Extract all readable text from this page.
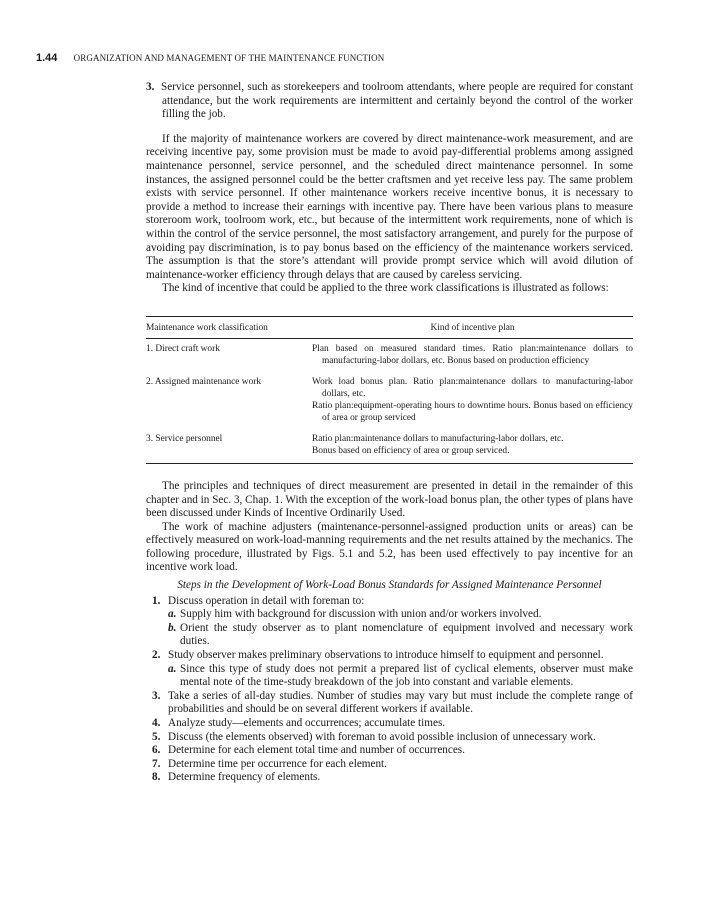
1.44 ORGANIZATION AND MANAGEMENT OF THE MAINTENANCE FUNCTION

3. Service personnel, such as storekeepers and toolroom attendants, where people are required for constant attendance, but the work requirements are intermittent and certainly beyond the control of the worker filling the job.

If the majority of maintenance workers are covered by direct maintenance-work measurement, and are receiving incentive pay, some provision must be made to avoid pay-differential problems among assigned maintenance personnel, service personnel, and the scheduled direct maintenance personnel. In some instances, the assigned personnel could be the better craftsmen and yet receive less pay. The same problem exists with service personnel. If other maintenance workers receive incentive bonus, it is necessary to provide a method to increase their earnings with incentive pay. There have been various plans to measure storeroom work, toolroom work, etc., but because of the intermittent work requirements, none of which is within the control of the service personnel, the most satisfactory arrangement, and purely for the purpose of avoiding pay discrimination, is to pay bonus based on the efficiency of the maintenance workers serviced. The assumption is that the store’s attendant will provide prompt service which will avoid dilution of maintenance-worker efficiency through delays that are caused by careless servicing.

The kind of incentive that could be applied to the three work classifications is illustrated as follows:

Maintenance work classification	Kind of incentive plan
1. Direct craft work	Plan based on measured standard times. Ratio plan:maintenance dollars to manufacturing-labor dollars, etc. Bonus based on production efficiency

2. Assigned maintenance work	Work load bonus plan. Ratio plan:maintenance dollars to manufacturing-labor dollars, etc.
Ratio plan:equipment-operating hours to downtime hours. Bonus based on efficiency of area or group serviced

3. Service personnel	Ratio plan:maintenance dollars to manufacturing-labor dollars, etc.
Bonus based on efficiency of area or group serviced.

The principles and techniques of direct measurement are presented in detail in the remainder of this chapter and in Sec. 3, Chap. 1. With the exception of the work-load bonus plan, the other types of plans have been discussed under Kinds of Incentive Ordinarily Used.

The work of machine adjusters (maintenance-personnel-assigned production units or areas) can be effectively measured on work-load-manning requirements and the net results attained by the mechanics. The following procedure, illustrated by Figs. 5.1 and 5.2, has been used effectively to pay incentive for an incentive work load.

Steps in the Development of Work-Load Bonus Standards for Assigned Maintenance Personnel

1. Discuss operation in detail with foreman to:
a. Supply him with background for discussion with union and/or workers involved.
b. Orient the study observer as to plant nomenclature of equipment involved and necessary work duties.
2. Study observer makes preliminary observations to introduce himself to equipment and personnel.
a. Since this type of study does not permit a prepared list of cyclical elements, observer must make mental note of the time-study breakdown of the job into constant and variable elements.
3. Take a series of all-day studies. Number of studies may vary but must include the complete range of probabilities and should be on several different workers if available.
4. Analyze study—elements and occurrences; accumulate times.
5. Discuss (the elements observed) with foreman to avoid possible inclusion of unnecessary work.
6. Determine for each element total time and number of occurrences.
7. Determine time per occurrence for each element.
8. Determine frequency of elements.
